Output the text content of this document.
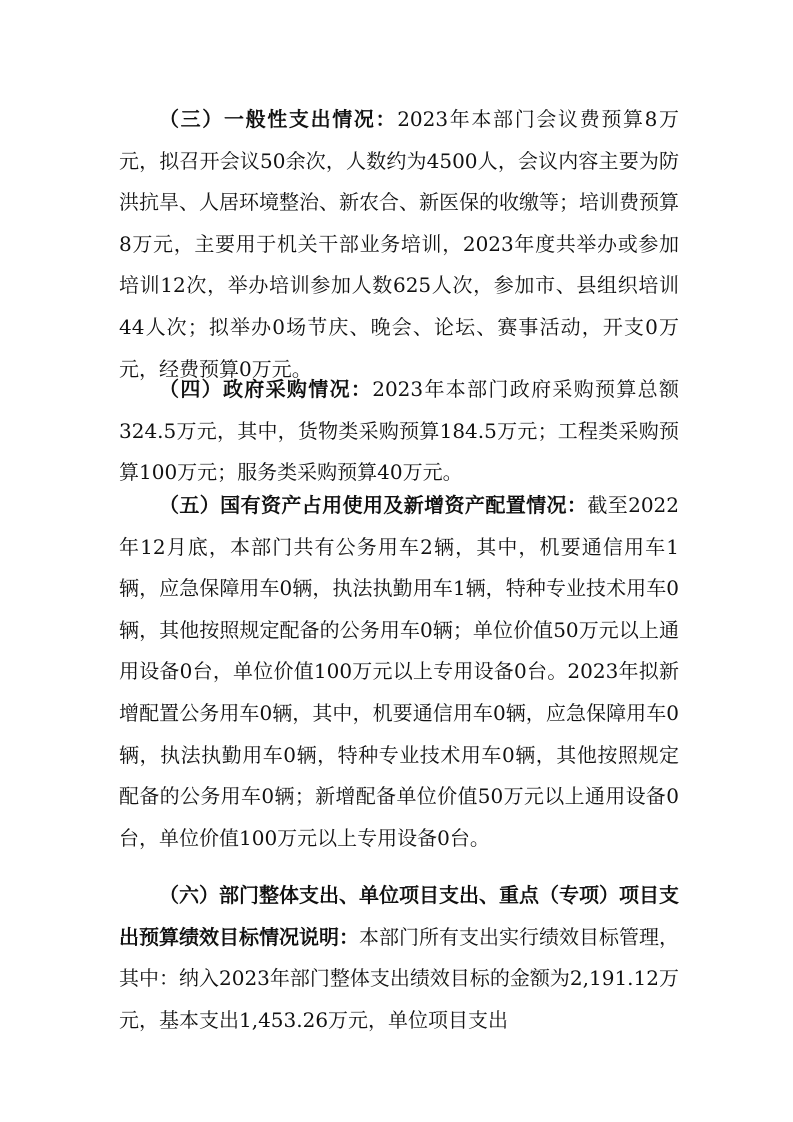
（三）一般性支出情况：2023年本部门会议费预算8万元，拟召开会议50余次，人数约为4500人，会议内容主要为防洪抗旱、人居环境整治、新农合、新医保的收缴等；培训费预算8万元，主要用于机关干部业务培训，2023年度共举办或参加培训12次，举办培训参加人数625人次，参加市、县组织培训44人次；拟举办0场节庆、晚会、论坛、赛事活动，开支0万元，经费预算0万元。

（四）政府采购情况：2023年本部门政府采购预算总额324.5万元，其中，货物类采购预算184.5万元；工程类采购预算100万元；服务类采购预算40万元。

（五）国有资产占用使用及新增资产配置情况：截至2022年12月底，本部门共有公务用车2辆，其中，机要通信用车1辆，应急保障用车0辆，执法执勤用车1辆，特种专业技术用车0辆，其他按照规定配备的公务用车0辆；单位价值50万元以上通用设备0台，单位价值100万元以上专用设备0台。2023年拟新增配置公务用车0辆，其中，机要通信用车0辆，应急保障用车0辆，执法执勤用车0辆，特种专业技术用车0辆，其他按照规定配备的公务用车0辆；新增配备单位价值50万元以上通用设备0台，单位价值100万元以上专用设备0台。

（六）部门整体支出、单位项目支出、重点（专项）项目支出预算绩效目标情况说明：本部门所有支出实行绩效目标管理，其中：纳入2023年部门整体支出绩效目标的金额为2,191.12万元，基本支出1,453.26万元，单位项目支出
